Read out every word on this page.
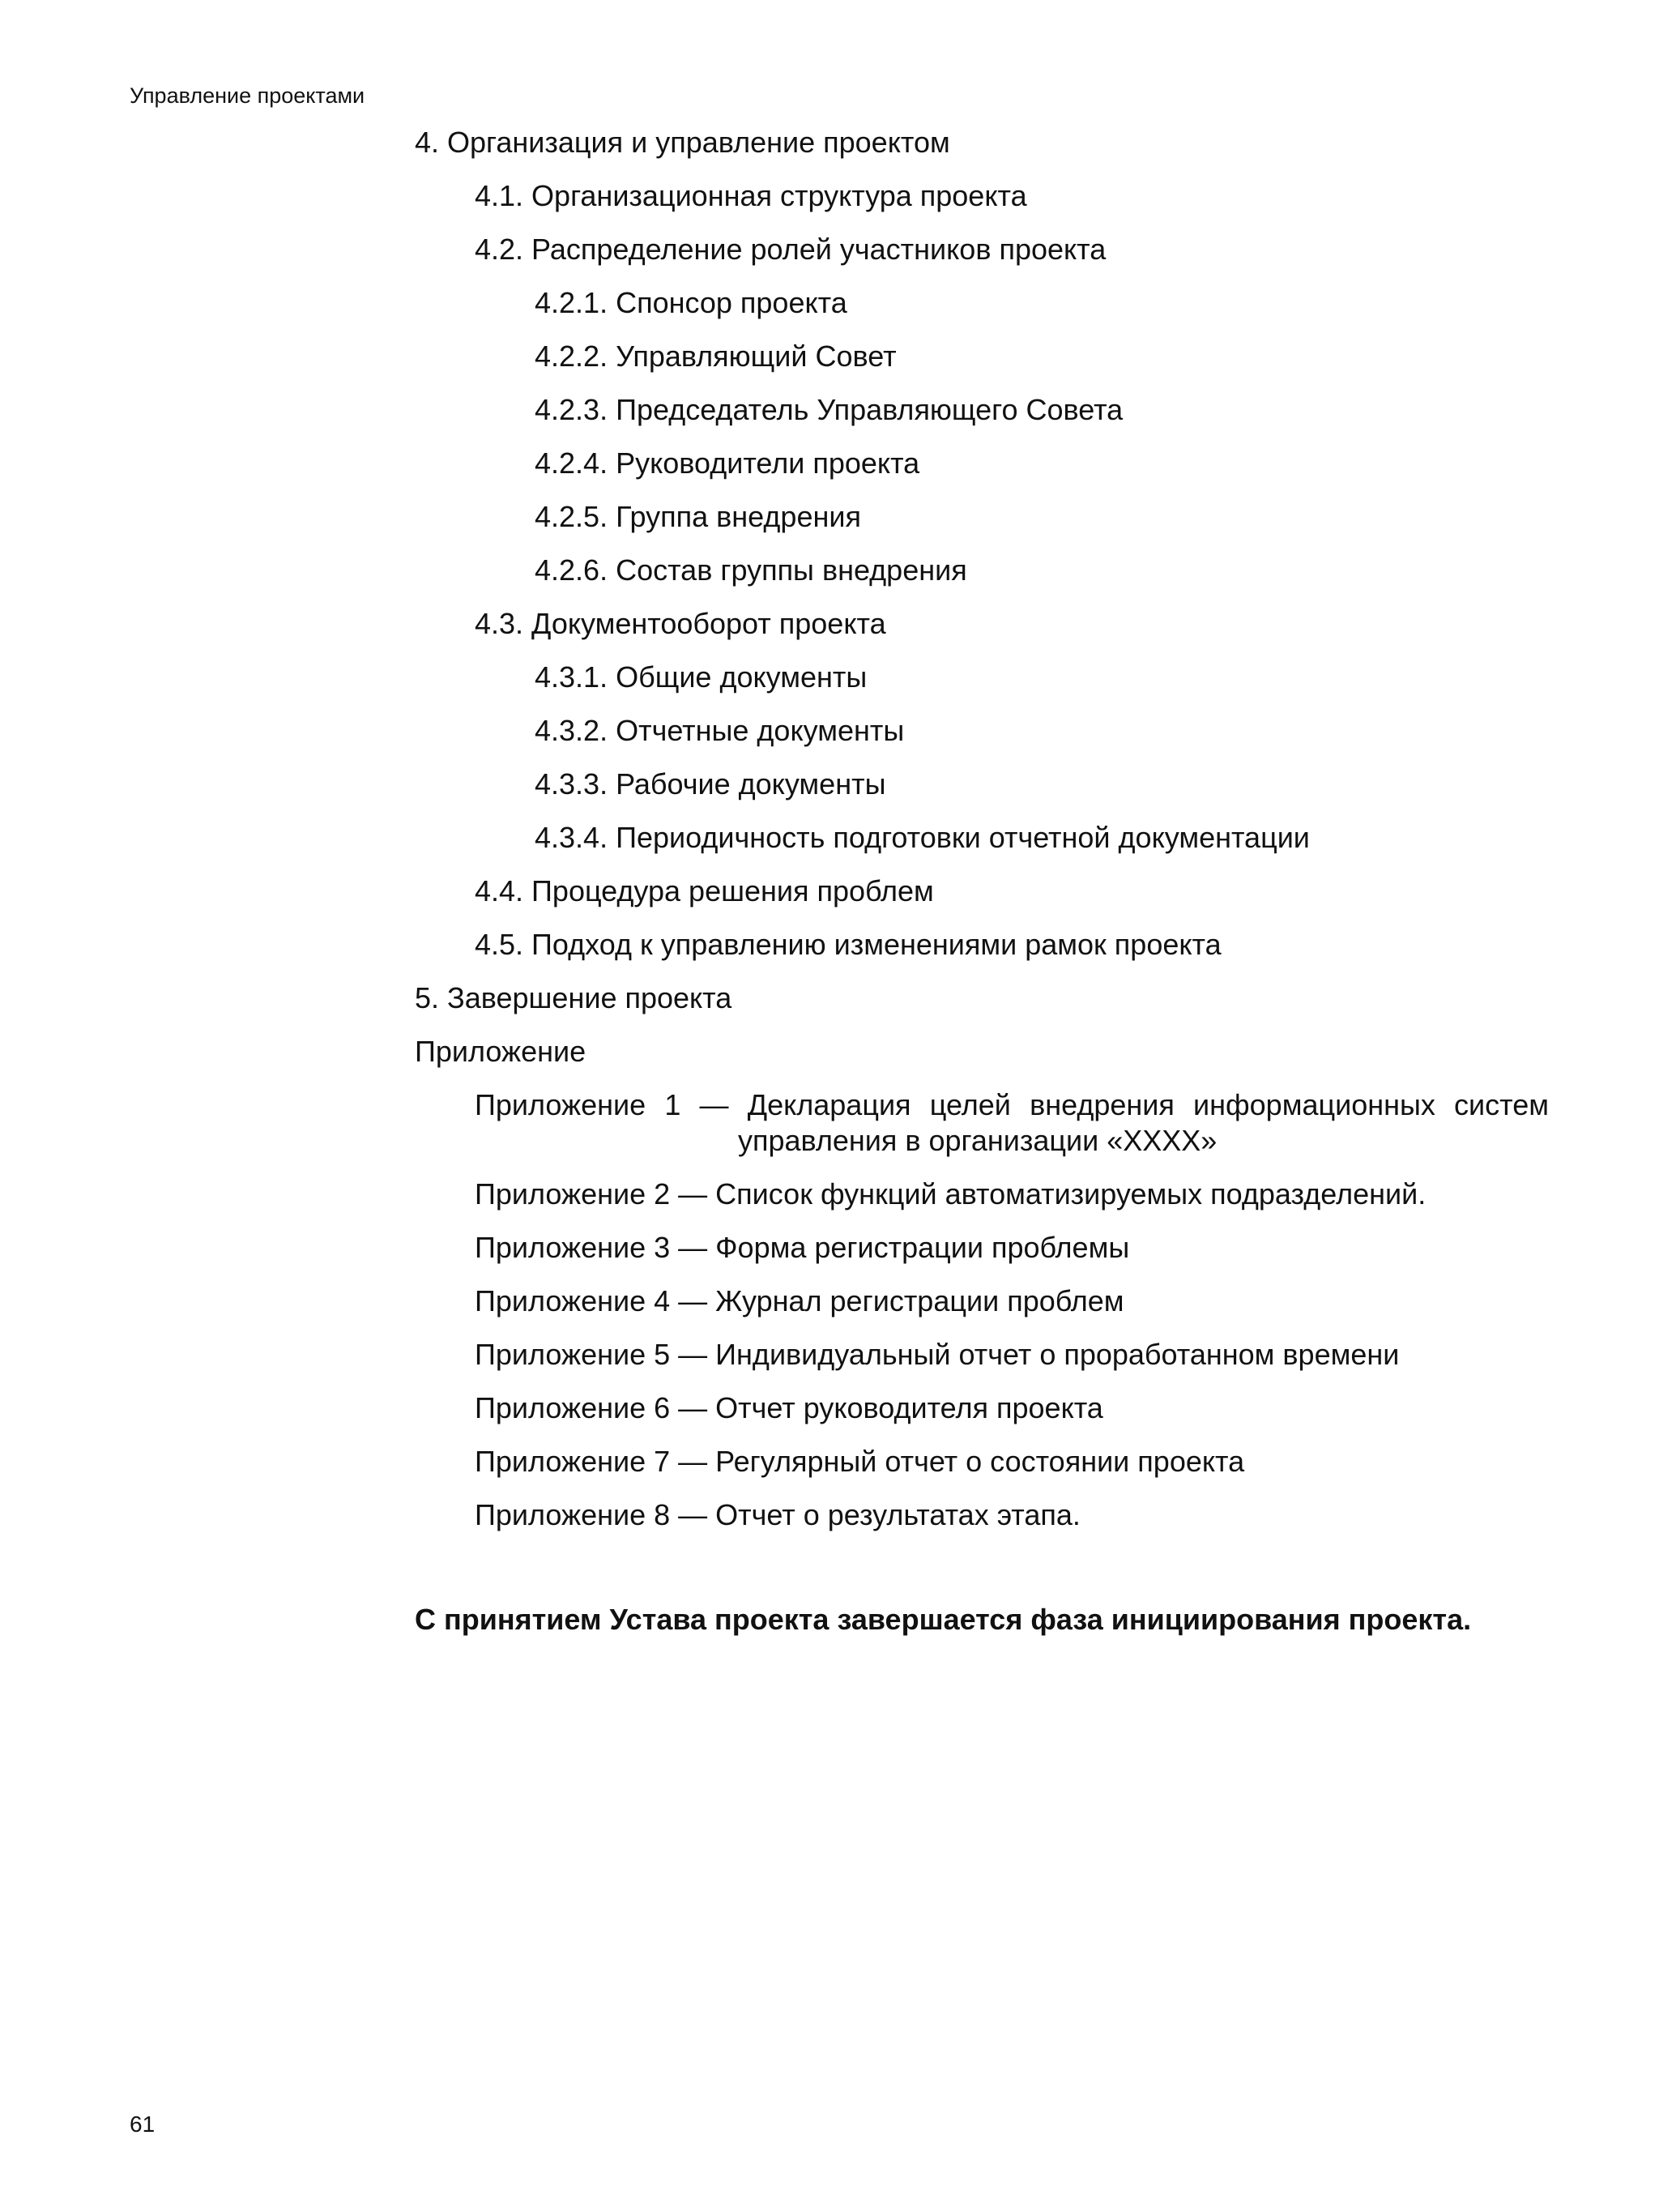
Управление проектами
4. Организация и управление проектом
4.1. Организационная структура проекта
4.2. Распределение ролей участников проекта
4.2.1. Спонсор проекта
4.2.2. Управляющий Совет
4.2.3. Председатель Управляющего Совета
4.2.4. Руководители проекта
4.2.5. Группа внедрения
4.2.6. Состав группы внедрения
4.3. Документооборот проекта
4.3.1. Общие документы
4.3.2. Отчетные документы
4.3.3. Рабочие документы
4.3.4. Периодичность подготовки отчетной документации
4.4. Процедура решения проблем
4.5. Подход к управлению изменениями рамок проекта
5. Завершение проекта
Приложение
Приложение 1 — Декларация целей внедрения информационных систем
управления в организации «XXXX»
Приложение 2 — Список функций автоматизируемых подразделений.
Приложение 3 — Форма регистрации проблемы
Приложение 4 — Журнал регистрации проблем
Приложение 5 — Индивидуальный отчет о проработанном времени
Приложение 6 — Отчет руководителя проекта
Приложение 7 — Регулярный отчет о состоянии проекта
Приложение 8 — Отчет о результатах этапа.
С принятием Устава проекта завершается фаза инициирования проекта.
61
